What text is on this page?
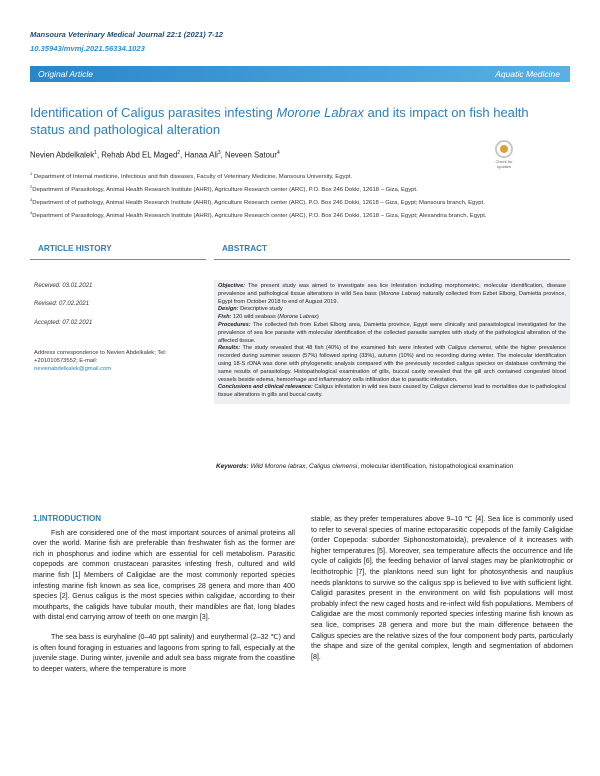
Mansoura Veterinary Medical Journal 22:1 (2021) 7-12
10.35943/mvmj.2021.56334.1023
Original Article	Aquatic Medicine
Identification of Caligus parasites infesting Morone Labrax and its impact on fish health status and pathological alteration
Check for
updates
Nevien Abdelkalek$^1$, Rehab Abd EL Maged$^2$, Hanaa Ali$^3$, Neveen Satour$^4$
$^1$ Department of Internal medicine, Infectious and fish diseases, Faculty of Veterinary Medicine, Mansoura University, Egypt.
$^2$Department of Parasitology, Animal Health Research Institute (AHRI), Agriculture Research center (ARC), P.O. Box 246 Dokki, 12618 – Giza, Egypt.
$^3$Department of of pathology, Animal Health Research Institute (AHRI), Agriculture Research center (ARC), P.O. Box 246 Dokki, 12618 – Giza, Egypt; Mansoura branch, Egypt.
$^4$Department of Parasitology, Animal Health Research Institute (AHRI), Agriculture Research center (ARC), P.O. Box 246 Dokki, 12618 – Giza, Egypt; Alexandria branch, Egypt.
ARTICLE HISTORY	ABSTRACT
Received: 03.01.2021
Revised: 07.02.2021
Accepted: 07.02.2021
Address correspondence to Nevien Abdelkalek; Tel: +201010573552; E-mail:
nevienabdelkalek@gmail.com
Objective: The present study was aimed to investigate sea lice infestation including morphometric, molecular identification, disease prevalence and pathological tissue alterations in wild Sea bass (Morone Labrax) naturally collected from Ezbet Elborg, Damietta province, Egypt from October 2018 to end of August 2019.
Design: Descriptive study
Fish: 120 wild seabass (Morone Labrax)
Procedures: The collected fish from Ezbet Elborg area, Damietta province, Egypt were clinically and parasitological investigated for the prevalence of sea lice parasite with molecular identification of the collected parasite samples with study of the pathological alteration of the affected tissue.
Results: The study revealed that 48 fish (40%) of the examined fish were infested with Caligus clemensi, while the higher prevalence recorded during summer season (57%) followed spring (33%), autumn (10%) and no recording during winter. The molecular identification using 18-S rDNA was done with phylogenetic analysis compared with the previously recorded caligus species on database confirming the same results of parasitology. Histopathological examination of gills, buccal cavity revealed that the gill arch contained congested blood vessels beside edema, hemorrhage and inflammatory cells infiltration due to parasitic infestation.
Conclusions and clinical relevance: Caligus infestation in wild sea bass caused by Caligus clemensi lead to mortalities due to pathological tissue alterations in gills and buccal cavity.
Keywords: Wild Morone labrax, Caligus clemensi, molecular identification, histopathological examination
1.INTRODUCTION

Fish are considered one of the most important sources of animal proteins all over the world. Marine fish are preferable than freshwater fish as the former are rich in phosphorus and iodine which are essential for cell metabolism. Parasitic copepods are common crustacean parasites infesting fresh, cultured and wild marine fish [1] Members of Caligidae are the most commonly reported species infesting marine fish known as sea lice, comprises 28 genera and more than 400 species [2]. Genus caligus is the most species within caligidae, according to their mouthparts, the caligids have tubular mouth, their mandibles are flat, long blades with distal end carrying arrow of teeth on one margin [3].

The sea bass is euryhaline (0–40 ppt salinity) and eurythermal (2–32 ℃) and is often found foraging in estuaries and lagoons from spring to fall, especially at the juvenile stage. During winter, juvenile and adult sea bass migrate from the coastline to deeper waters, where the temperature is more

stable, as they prefer temperatures above 9–10 ℃ [4]. Sea lice is commonly used to refer to several species of marine ectoparasitic copepods of the family Caligidae (order Copepoda: suborder Siphonostomatoida), prevalence of it increases with higher temperatures [5]. Moreover, sea temperature affects the occurrence and life cycle of caligids [6], the feeding behavior of larval stages may be planktotrophic or lecithotrophic [7], the planktons need sun light for photosynthesis and nauplius needs planktons to survive so the caligus spp is believed to live with sufficient light. Caligid parasites present in the environment on wild fish populations will most probably infect the new caged hosts and re-infect wild fish populations. Members of Caligidae are the most commonly reported species infesting marine fish known as sea lice, comprises 28 genera and more but the main difference between the Caligus species are the relative sizes of the four component body parts, particularly the shape and size of the genital complex, length and segmentation of abdomen [8].
